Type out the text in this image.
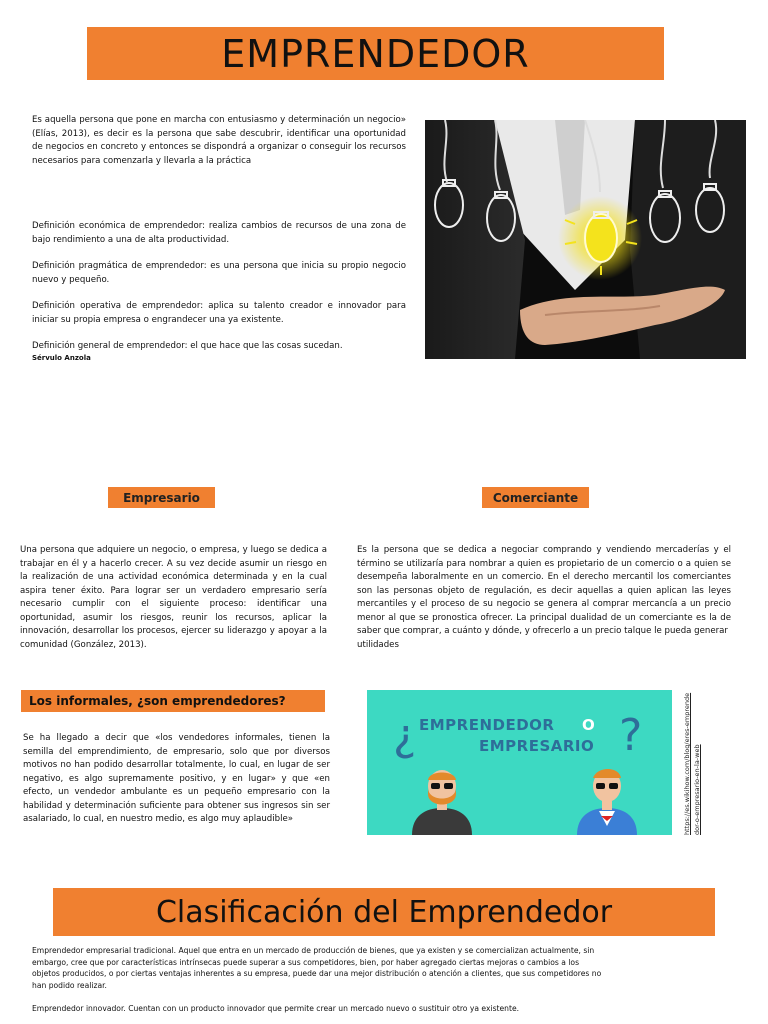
EMPRENDEDOR

Es aquella persona que pone en marcha con entusiasmo y determinación un negocio» (Elías, 2013), es decir es la persona que sabe descubrir, identificar una oportunidad de negocios en concreto y entonces se dispondrá a organizar o conseguir los recursos necesarios para comenzarla y llevarla a la práctica

Definición económica de emprendedor: realiza cambios de recursos de una zona de bajo rendimiento a una de alta productividad.

Definición pragmática de emprendedor: es una persona que inicia su propio negocio nuevo y pequeño.

Definición operativa de emprendedor: aplica su talento creador e innovador para iniciar su propia empresa o engrandecer una ya existente.

Definición general de emprendedor: el que hace que las cosas sucedan.

Sérvulo Anzola

Empresario

Una persona que adquiere un negocio, o empresa, y luego se dedica a trabajar en él y a hacerlo crecer. A su vez decide asumir un riesgo en la realización de una actividad económica determinada y en la cual aspira tener éxito. Para lograr ser un verdadero empresario sería necesario cumplir con el siguiente proceso: identificar una oportunidad, asumir los riesgos, reunir los recursos, aplicar la innovación, desarrollar los procesos, ejercer su liderazgo y apoyar a la comunidad (González, 2013).

Comerciante

Es la persona que se dedica a negociar comprando y vendiendo mercaderías y el término se utilizaría para nombrar a quien es propietario de un comercio o a quien se desempeña laboralmente en un comercio. En el derecho mercantil los comerciantes son las personas objeto de regulación, es decir aquellas a quien aplican las leyes mercantiles y el proceso de su negocio se genera al comprar mercancía a un precio menor al que se pronostica ofrecer. La principal dualidad de un comerciante es la de saber que comprar, a cuánto y dónde, y ofrecerlo a un precio talque le pueda generar

utilidades

Los informales, ¿son emprendedores?

Se ha llegado a decir que «los vendedores informales, tienen la semilla del emprendimiento, de empresario, solo que por diversos motivos no han podido desarrollar totalmente, lo cual, en lugar de ser negativo, es algo supremamente positivo, y en lugar» y que «en efecto, un vendedor ambulante es un pequeño empresario con la habilidad y determinación suficiente para obtener sus ingresos sin ser asalariado, lo cual, en nuestro medio, es algo muy aplaudible»

¿ EMPRENDEDOR O
EMPRESARIO ?	https://es.wikihow.com/blog/eres-emprendedor-o-empresario-en-la-web
Clasificación del Emprendedor

Emprendedor empresarial tradicional. Aquel que entra en un mercado de producción de bienes, que ya existen y se comercializan actualmente, sin embargo, cree que por características intrínsecas puede superar a sus competidores, bien, por haber agregado ciertas mejoras o cambios a los objetos producidos, o por ciertas ventajas inherentes a su empresa, puede dar una mejor distribución o atención a clientes, que sus competidores no han podido realizar.

Emprendedor innovador. Cuentan con un producto innovador que permite crear un mercado nuevo o sustituir otro ya existente.
